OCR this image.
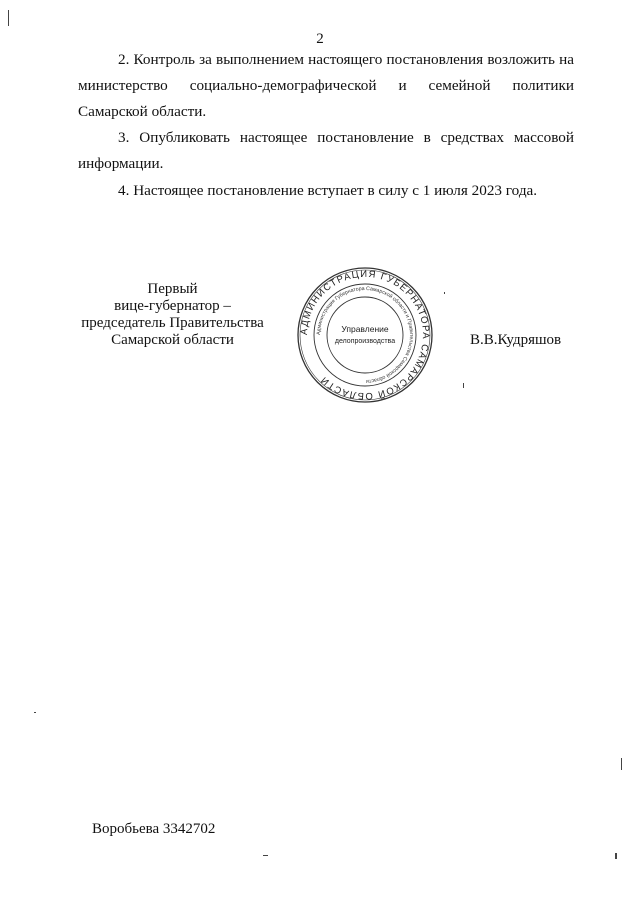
2
2. Контроль за выполнением настоящего постановления возложить на министерство социально-демографической и семейной политики Самарской области.
3. Опубликовать настоящее постановление в средствах массовой информации.
4. Настоящее постановление вступает в силу с 1 июля 2023 года.
Первый
вице-губернатор –
председатель Правительства
Самарской области
АДМИНИСТРАЦИЯ ГУБЕРНАТОРА САМАРСКОЙ ОБЛАСТИ
Администрация Губернатора Самарской области и Правительства Самарской области
Управление
делопроизводства	В.В.Кудряшов
Воробьева 3342702
